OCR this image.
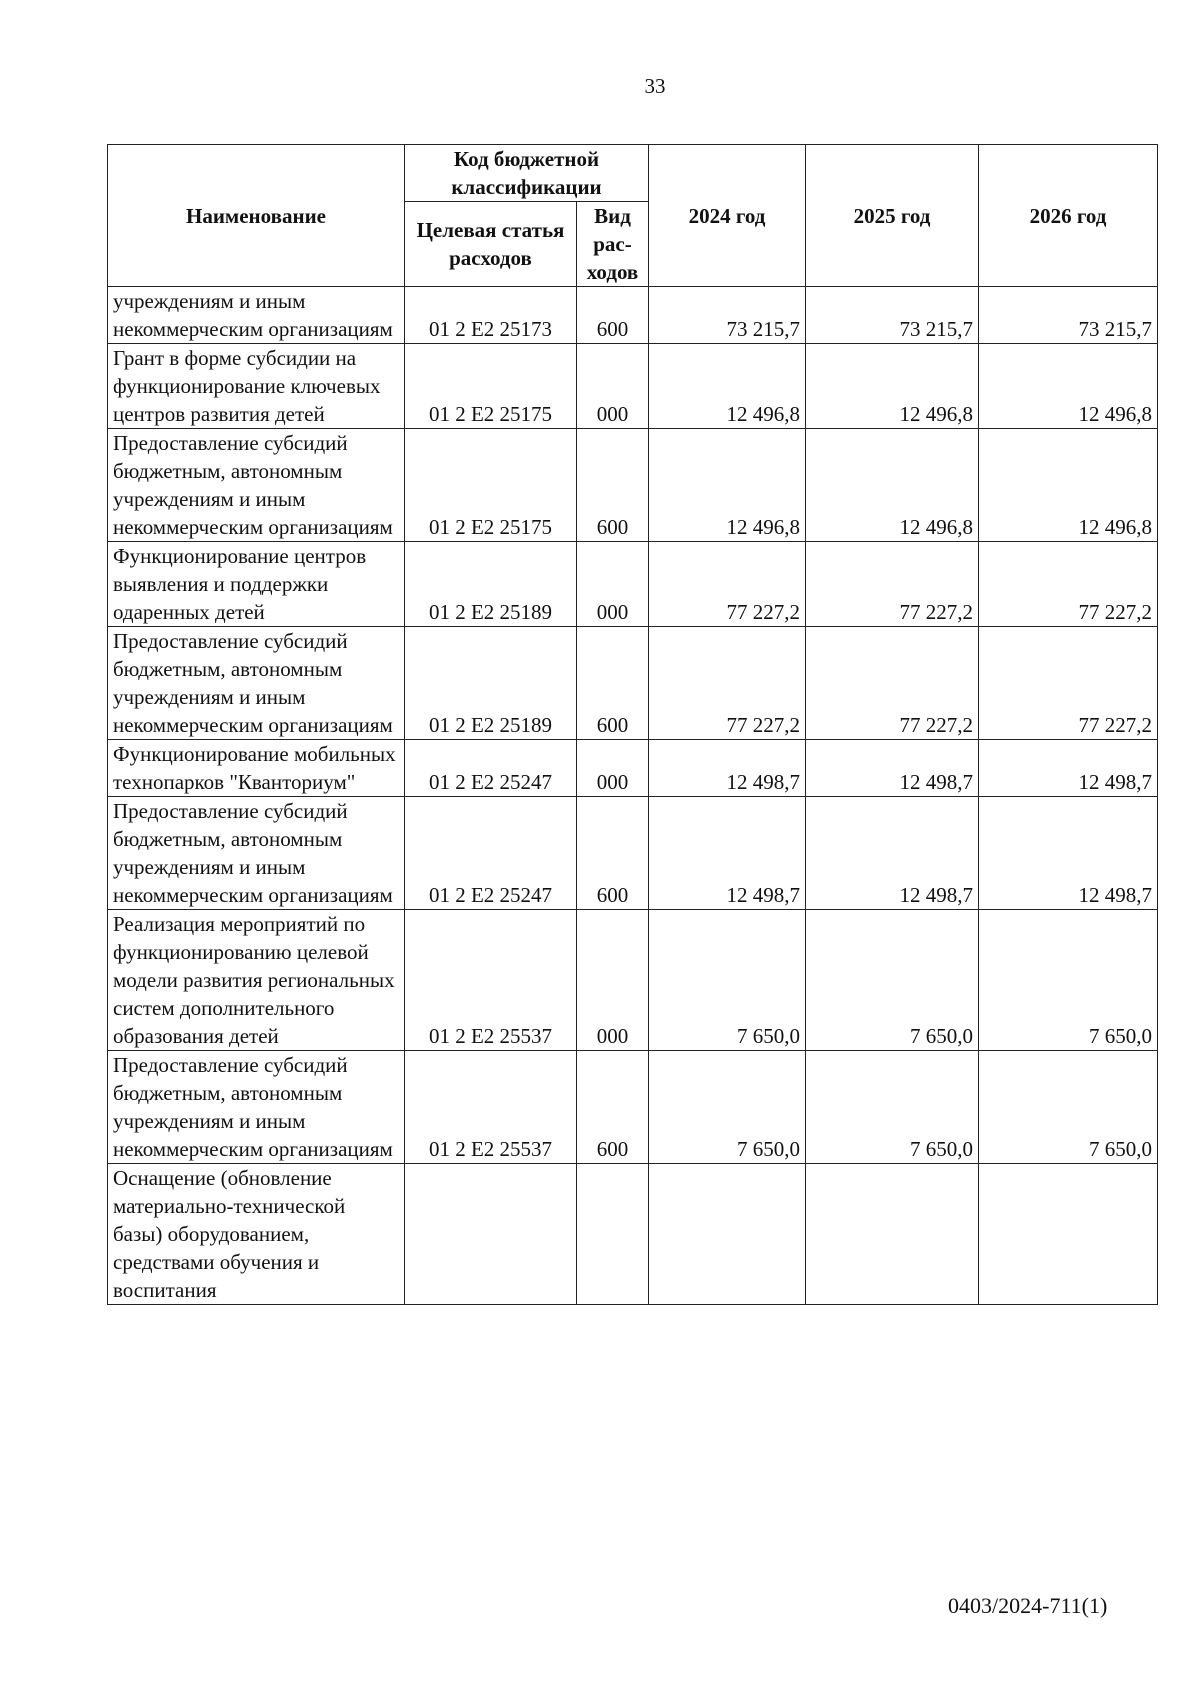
33
Наименование	Код бюджетной классификации		2024 год	2025 год	2026 год
	Целевая статья расходов	Вид рас-ходов			
учреждениям и иным некоммерческим организациям	01 2 Е2 25173	600	73 215,7	73 215,7	73 215,7
Грант в форме субсидии на функционирование ключевых центров развития детей	01 2 Е2 25175	000	12 496,8	12 496,8	12 496,8
Предоставление субсидий бюджетным, автономным учреждениям и иным некоммерческим организациям	01 2 Е2 25175	600	12 496,8	12 496,8	12 496,8
Функционирование центров выявления и поддержки одаренных детей	01 2 Е2 25189	000	77 227,2	77 227,2	77 227,2
Предоставление субсидий бюджетным, автономным учреждениям и иным некоммерческим организациям	01 2 Е2 25189	600	77 227,2	77 227,2	77 227,2
Функционирование мобильных технопарков "Кванториум"	01 2 Е2 25247	000	12 498,7	12 498,7	12 498,7
Предоставление субсидий бюджетным, автономным учреждениям и иным некоммерческим организациям	01 2 Е2 25247	600	12 498,7	12 498,7	12 498,7
Реализация мероприятий по функционированию целевой модели развития региональных систем дополнительного образования детей	01 2 Е2 25537	000	7 650,0	7 650,0	7 650,0
Предоставление субсидий бюджетным, автономным учреждениям и иным некоммерческим организациям	01 2 Е2 25537	600	7 650,0	7 650,0	7 650,0
Оснащение (обновление материально-технической базы) оборудованием, средствами обучения и воспитания					
0403/2024-711(1)
